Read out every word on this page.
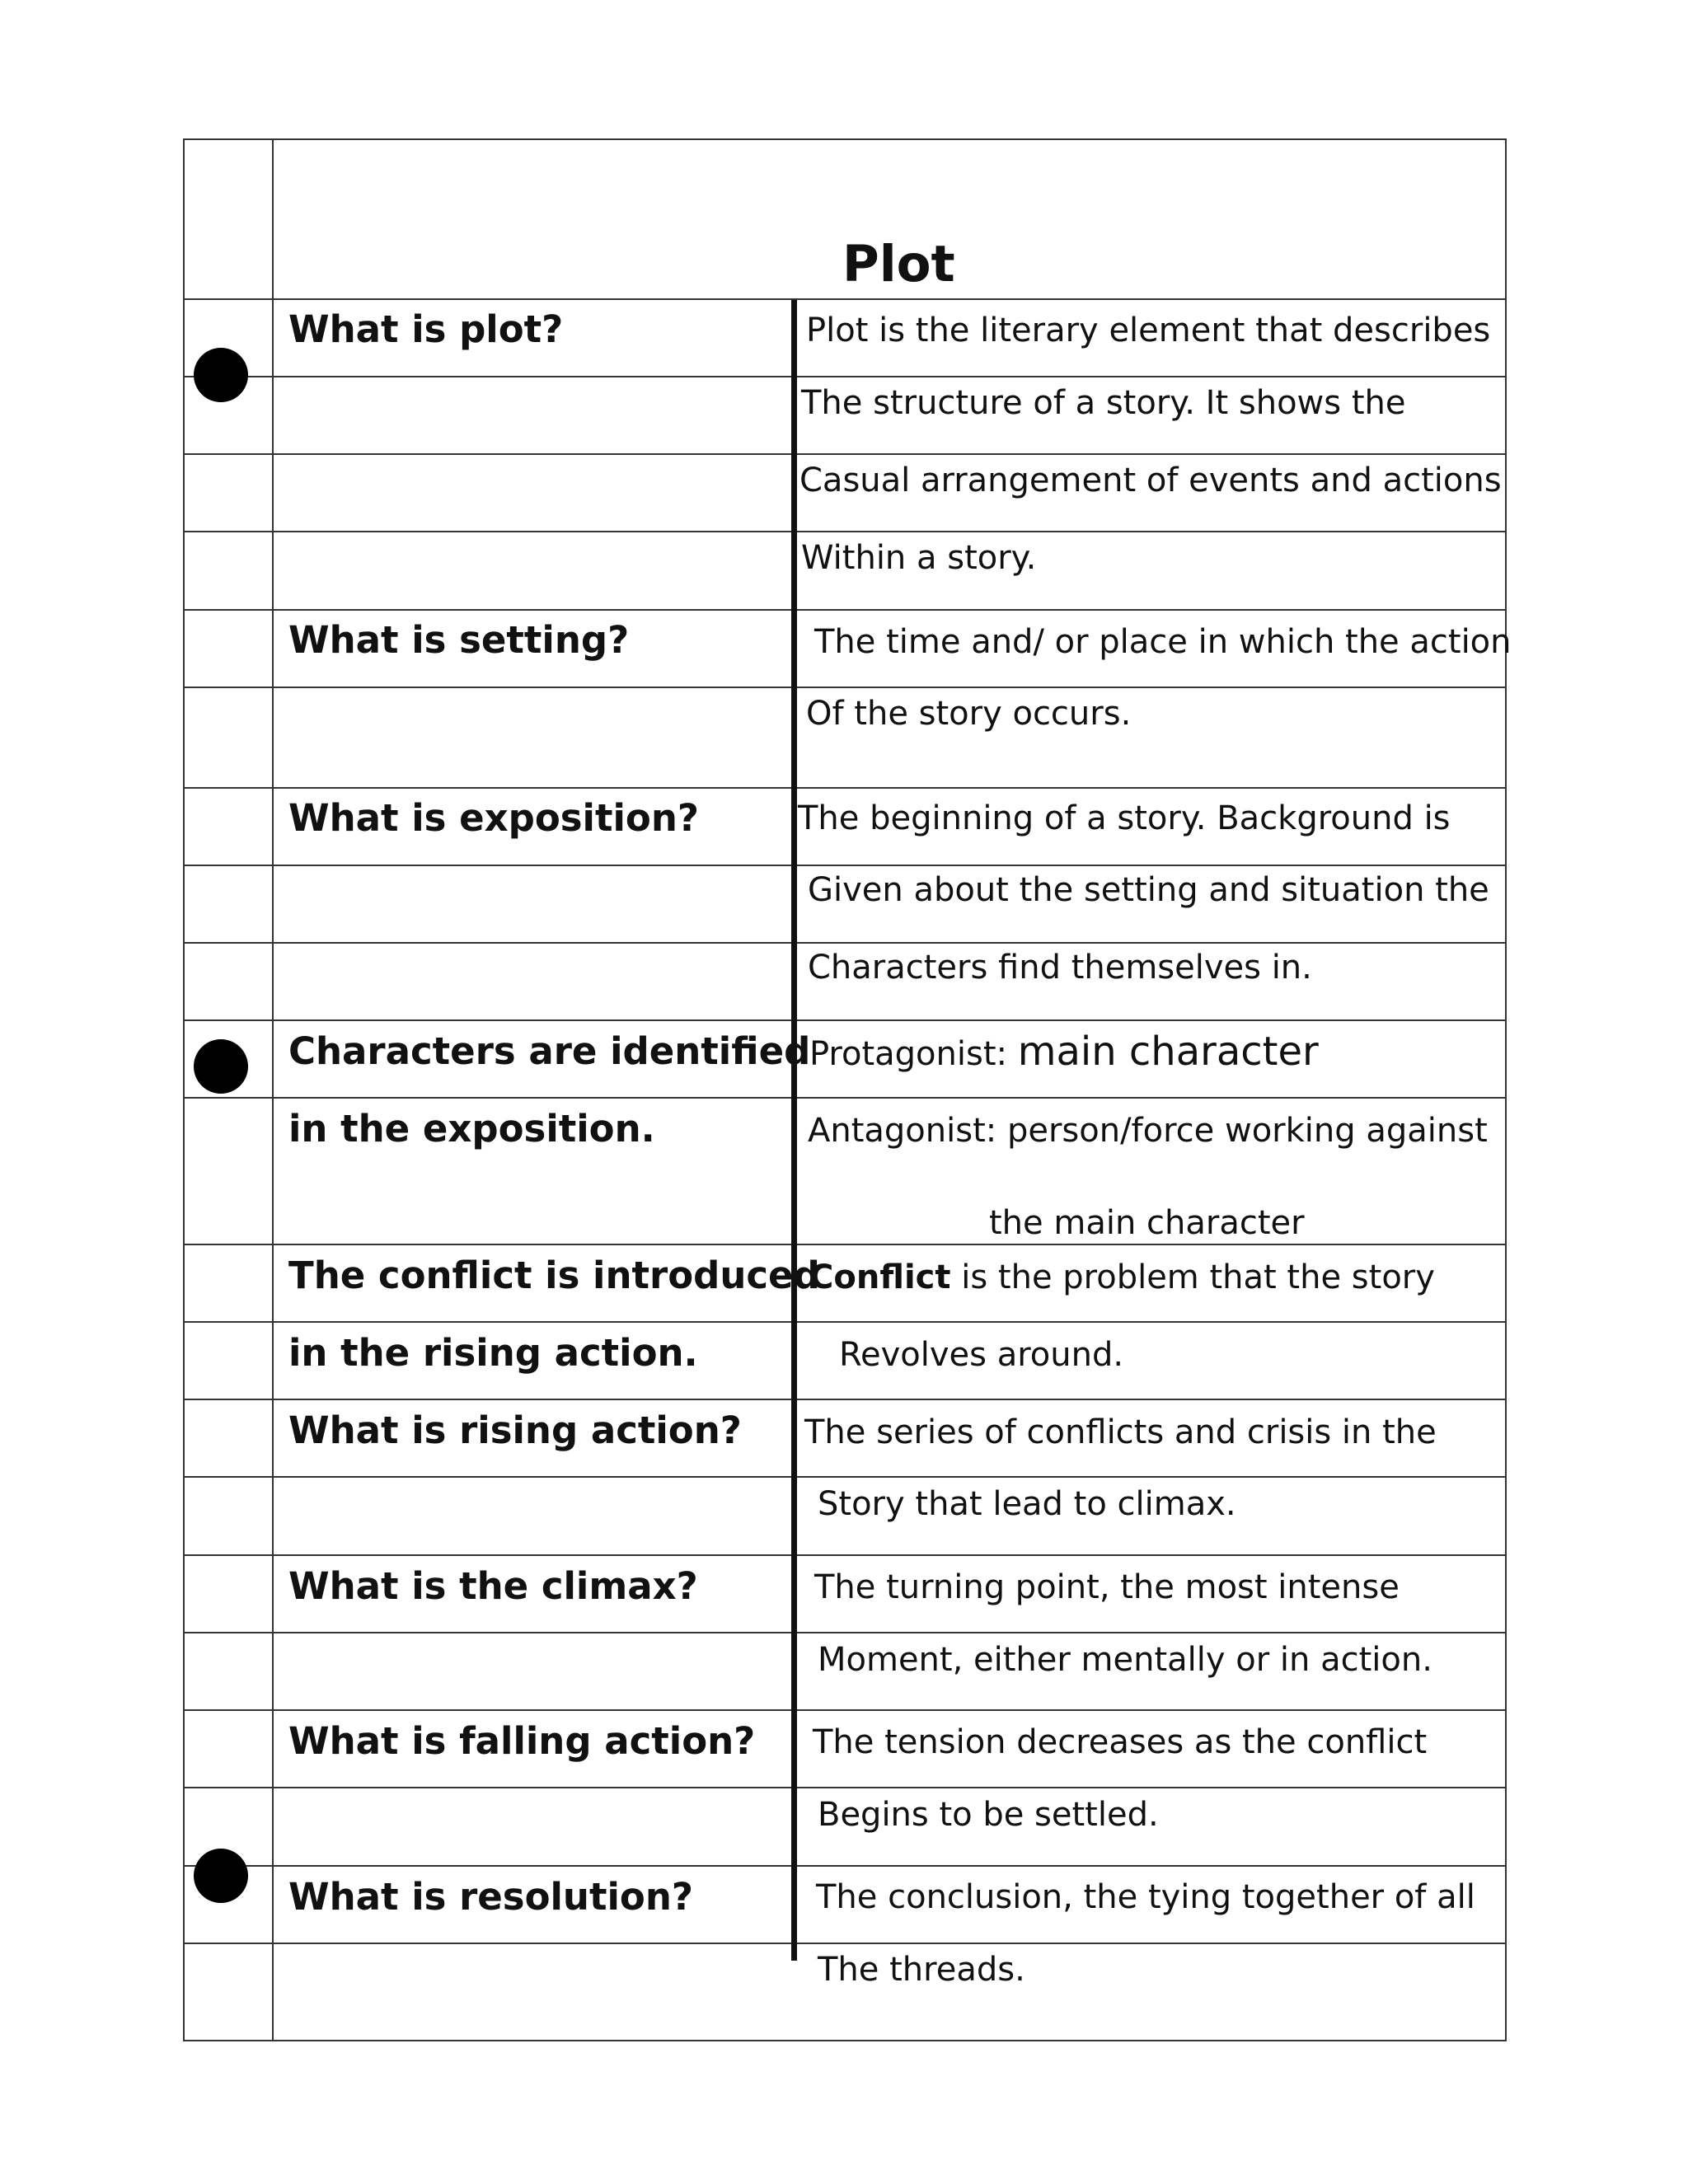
Plot
What is plot?
What is setting?
What is exposition?
Characters are identified
in the exposition.
The conflict is introduced
in the rising action.
What is rising action?
What is the climax?
What is falling action?
What is resolution?
Plot is the literary element that describes
The structure of a story. It shows the
Casual arrangement of events and actions
Within a story.
The time and/ or place in which the action
Of the story occurs.
The beginning of a story. Background is
Given about the setting and situation the
Characters find themselves in.
Protagonist: main character
Antagonist: person/force working against
the main character
Conflict is the problem that the story
Revolves around.
The series of conflicts and crisis in the
Story that lead to climax.
The turning point, the most intense
Moment, either mentally or in action.
The tension decreases as the conflict
Begins to be settled.
The conclusion, the tying together of all
The threads.
